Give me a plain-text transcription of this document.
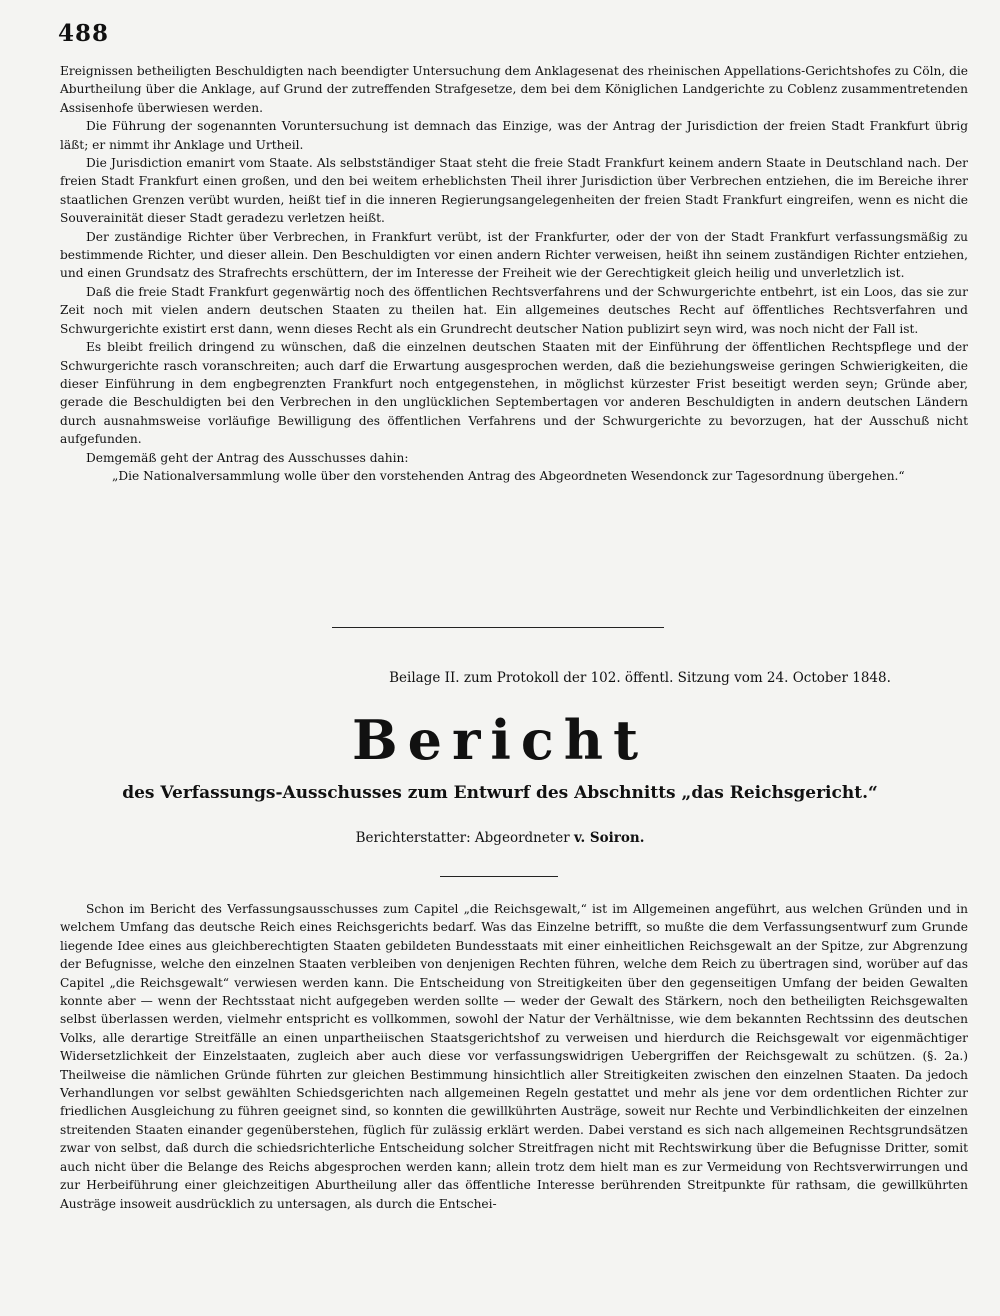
488

Ereignissen betheiligten Beschuldigten nach beendigter Untersuchung dem Anklagesenat des rheinischen Appellations-Gerichtshofes zu Cöln, die Aburtheilung über die Anklage, auf Grund der zutreffenden Strafgesetze, dem bei dem Königlichen Landgerichte zu Coblenz zusammentretenden Assisenhofe überwiesen werden.

Die Führung der sogenannten Voruntersuchung ist demnach das Einzige, was der Antrag der Jurisdiction der freien Stadt Frankfurt übrig läßt; er nimmt ihr Anklage und Urtheil.

Die Jurisdiction emanirt vom Staate. Als selbstständiger Staat steht die freie Stadt Frankfurt keinem andern Staate in Deutschland nach. Der freien Stadt Frankfurt einen großen, und den bei weitem erheblichsten Theil ihrer Jurisdiction über Verbrechen entziehen, die im Bereiche ihrer staatlichen Grenzen verübt wurden, heißt tief in die inneren Regierungsangelegenheiten der freien Stadt Frankfurt eingreifen, wenn es nicht die Souverainität dieser Stadt geradezu verletzen heißt.

Der zuständige Richter über Verbrechen, in Frankfurt verübt, ist der Frankfurter, oder der von der Stadt Frankfurt verfassungsmäßig zu bestimmende Richter, und dieser allein. Den Beschuldigten vor einen andern Richter verweisen, heißt ihn seinem zuständigen Richter entziehen, und einen Grundsatz des Strafrechts erschüttern, der im Interesse der Freiheit wie der Gerechtigkeit gleich heilig und unverletzlich ist.

Daß die freie Stadt Frankfurt gegenwärtig noch des öffentlichen Rechtsverfahrens und der Schwurgerichte entbehrt, ist ein Loos, das sie zur Zeit noch mit vielen andern deutschen Staaten zu theilen hat. Ein allgemeines deutsches Recht auf öffentliches Rechtsverfahren und Schwurgerichte existirt erst dann, wenn dieses Recht als ein Grundrecht deutscher Nation publizirt seyn wird, was noch nicht der Fall ist.

Es bleibt freilich dringend zu wünschen, daß die einzelnen deutschen Staaten mit der Einführung der öffentlichen Rechtspflege und der Schwurgerichte rasch voranschreiten; auch darf die Erwartung ausgesprochen werden, daß die beziehungsweise geringen Schwierigkeiten, die dieser Einführung in dem engbegrenzten Frankfurt noch entgegenstehen, in möglichst kürzester Frist beseitigt werden seyn; Gründe aber, gerade die Beschuldigten bei den Verbrechen in den unglücklichen Septembertagen vor anderen Beschuldigten in andern deutschen Ländern durch ausnahmsweise vorläufige Bewilligung des öffentlichen Verfahrens und der Schwurgerichte zu bevorzugen, hat der Ausschuß nicht aufgefunden.

Demgemäß geht der Antrag des Ausschusses dahin:

„Die Nationalversammlung wolle über den vorstehenden Antrag des Abgeordneten Wesendonck zur Tagesordnung übergehen.“

Beilage II. zum Protokoll der 102. öffentl. Sitzung vom 24. October 1848.
Bericht
des Verfassungs-Ausschusses zum Entwurf des Abschnitts „das Reichsgericht.“
Berichterstatter: Abgeordneter v. Soiron.

Schon im Bericht des Verfassungsausschusses zum Capitel „die Reichsgewalt,“ ist im Allgemeinen angeführt, aus welchen Gründen und in welchem Umfang das deutsche Reich eines Reichsgerichts bedarf. Was das Einzelne betrifft, so mußte die dem Verfassungsentwurf zum Grunde liegende Idee eines aus gleichberechtigten Staaten gebildeten Bundesstaats mit einer einheitlichen Reichsgewalt an der Spitze, zur Abgrenzung der Befugnisse, welche den einzelnen Staaten verbleiben von denjenigen Rechten führen, welche dem Reich zu übertragen sind, worüber auf das Capitel „die Reichsgewalt“ verwiesen werden kann. Die Entscheidung von Streitigkeiten über den gegenseitigen Umfang der beiden Gewalten konnte aber — wenn der Rechtsstaat nicht aufgegeben werden sollte — weder der Gewalt des Stärkern, noch den betheiligten Reichsgewalten selbst überlassen werden, vielmehr entspricht es vollkommen, sowohl der Natur der Verhältnisse, wie dem bekannten Rechtssinn des deutschen Volks, alle derartige Streitfälle an einen unpartheiischen Staatsgerichtshof zu verweisen und hierdurch die Reichsgewalt vor eigenmächtiger Widersetzlichkeit der Einzelstaaten, zugleich aber auch diese vor verfassungswidrigen Uebergriffen der Reichsgewalt zu schützen. (§. 2a.) Theilweise die nämlichen Gründe führten zur gleichen Bestimmung hinsichtlich aller Streitigkeiten zwischen den einzelnen Staaten. Da jedoch Verhandlungen vor selbst gewählten Schiedsgerichten nach allgemeinen Regeln gestattet und mehr als jene vor dem ordentlichen Richter zur friedlichen Ausgleichung zu führen geeignet sind, so konnten die gewillkührten Austräge, soweit nur Rechte und Verbindlichkeiten der einzelnen streitenden Staaten einander gegenüberstehen, füglich für zulässig erklärt werden. Dabei verstand es sich nach allgemeinen Rechtsgrundsätzen zwar von selbst, daß durch die schiedsrichterliche Entscheidung solcher Streitfragen nicht mit Rechtswirkung über die Befugnisse Dritter, somit auch nicht über die Belange des Reichs abgesprochen werden kann; allein trotz dem hielt man es zur Vermeidung von Rechtsverwirrungen und zur Herbeiführung einer gleichzeitigen Aburtheilung aller das öffentliche Interesse berührenden Streitpunkte für rathsam, die gewillkührten Austräge insoweit ausdrücklich zu untersagen, als durch die Entschei-
